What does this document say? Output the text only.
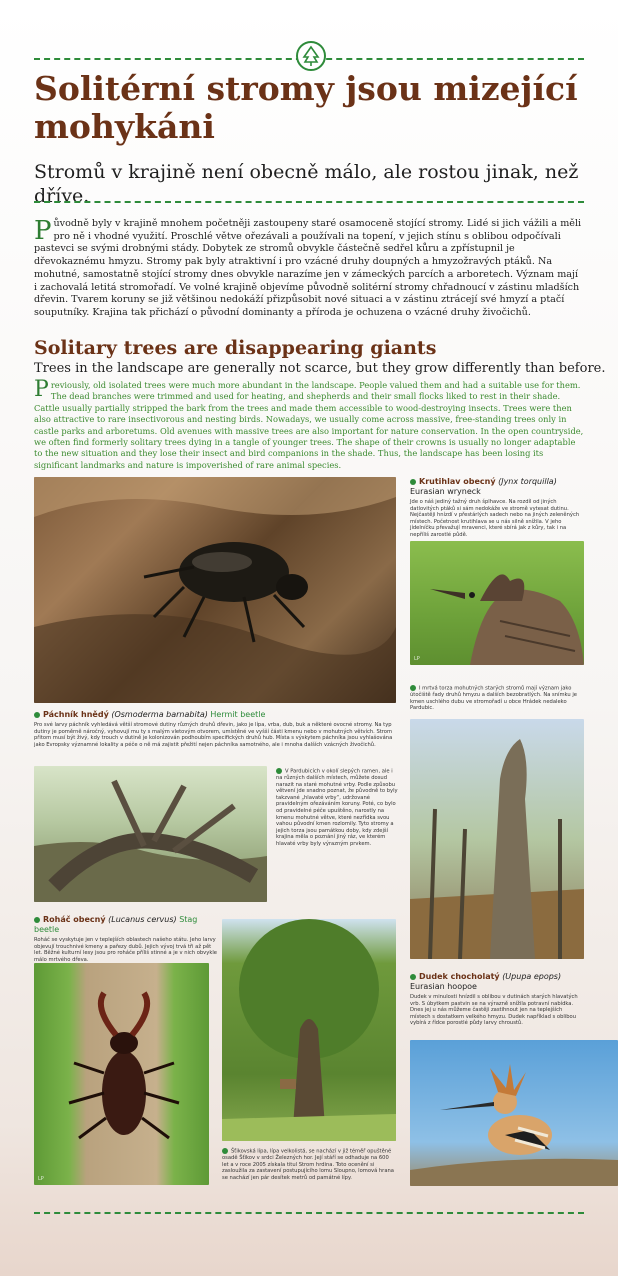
Solitérní stromy jsou mizející mohykáni

Stromů v krajině není obecně málo, ale rostou jinak, než dříve.

Původně byly v krajině mnohem početněji zastoupeny staré osamoceně stojící stromy. Lidé si jich vážili a měli pro ně i vhodné využití. Proschlé větve ořezávali a používali na topení, v jejich stínu s oblibou odpočívali pastevci se svými drobnými stády. Dobytek ze stromů obvykle částečně sedřel kůru a zpřístupnil je dřevokaznému hmyzu. Stromy pak byly atraktivní i pro vzácné druhy doupných a hmyzožravých ptáků. Na mohutné, samostatně stojící stromy dnes obvykle narazíme jen v zámeckých parcích a arboretech. Význam mají i zachovalá letitá stromořadí. Ve volné krajině objevíme původně solitérní stromy chřadnoucí v zástinu mladších dřevin. Tvarem koruny se již většinou nedokáží přizpůsobit nové situaci a v zástinu ztrácejí své hmyzí a ptačí souputníky. Krajina tak přichází o původní dominanty a příroda je ochuzena o vzácné druhy živočichů.

Solitary trees are disappearing giants

Trees in the landscape are generally not scarce, but they grow differently than before.

Previously, old isolated trees were much more abundant in the landscape. People valued them and had a suitable use for them. The dead branches were trimmed and used for heating, and shepherds and their small flocks liked to rest in their shade. Cattle usually partially stripped the bark from the trees and made them accessible to wood-destroying insects. Trees were then also attractive to rare insectivorous and nesting birds. Nowadays, we usually come across massive, free-standing trees only in castle parks and arboretums. Old avenues with massive trees are also important for nature conservation. In the open countryside, we often find formerly solitary trees dying in a tangle of younger trees. The shape of their crowns is usually no longer adaptable to the new situation and they lose their insect and bird companions in the shade. Thus, the landscape has been losing its significant landmarks and nature is impoverished of rare animal species.

Krutihlav obecný (Jynx torquilla)
Eurasian wryneck
Jde o náš jediný tažný druh šplhavce. Na rozdíl od jiných datlovitých ptáků si sám nedokáže ve stromě vytesat dutinu. Nejčastěji hnízdí v přestárlých sadech nebo na jiných zeleněných místech. Početnost krutihlava se u nás silně snížila. V jeho jídelníčku převažují mravenci, které sbírá jak z kůry, tak i na nepříliš zarostlé půdě.
LP
Páchník hnědý (Osmoderma barnabita) Hermit beetle
Pro své larvy páchník vyhledává větší stromové dutiny různých druhů dřevin, jako je lípa, vrba, dub, buk a některé ovocné stromy. Na typ dutiny je poměrně náročný, vyhovují mu ty s malým vletovým otvorem, umístěné ve vyšší části kmenu nebo v mohutných větvích. Strom přitom musí být živý, kdy trouch v dutině je kolonizován podhoubím specifických druhů hub. Místa s výskytem páchníka jsou vyhlašována jako Evropsky významné lokality a péče o ně má zajistit přežití nejen páchníka samotného, ale i mnoha dalších vzácných živočichů.
I mrtvá torza mohutných starých stromů mají význam jako útočiště řady druhů hmyzu a dalších bezobratlých. Na snímku je kmen uschlého dubu ve stromořadí u obce Hrádek nedaleko Pardubic.
V Pardubicích v okolí slepých ramen, ale i na různých dalších místech, můžete dosud narazit na staré mohutné vrby. Podle způsobu větvení jde snadno poznat, že původně to byly takzvané „hlavaté vrby“, udržované pravidelným ořezáváním koruny. Poté, co bylo od pravidelné péče upuštěno, narostly na kmenu mohutné větve, které nezřídka svou vahou původní kmen rozlomily. Tyto stromy a jejich torza jsou památkou doby, kdy zdejší krajina měla o poznání jiný ráz, ve kterém hlavaté vrby byly výrazným prvkem.
Roháč obecný (Lucanus cervus) Stag beetle
Roháč se vyskytuje jen v teplejších oblastech našeho státu. Jeho larvy objevují trouchnivé kmeny a pařezy dubů. Jejich vývoj trvá tři až pět let. Běžné kulturní lesy jsou pro roháče příliš stinné a je v nich obvykle málo mrtvého dřeva.
LP
Šťikovská lípa, lípa velkolistá, se nachází v již téměř opuštěné osadě Šťikov v srdci Železných hor. Její stáří se odhaduje na 600 let a v roce 2005 získala titul Strom hrdina. Toto ocenění si zasloužila za zastavení postupujícího lomu Sloupno, lomová hrana se nachází jen pár desítek metrů od památné lípy.
Dudek chocholatý (Upupa epops)
Eurasian hoopoe
Dudek v minulosti hnízdil s oblibou v dutinách starých hlavatých vrb. S úbytkem pastvin se na výrazně snížila potravní nabídka. Dnes jej u nás můžeme častěji zastihnout jen na teplejších místech s dostatkem velkého hmyzu. Dudek například s oblibou vybírá z řídce porostlé půdy larvy chroustů.
